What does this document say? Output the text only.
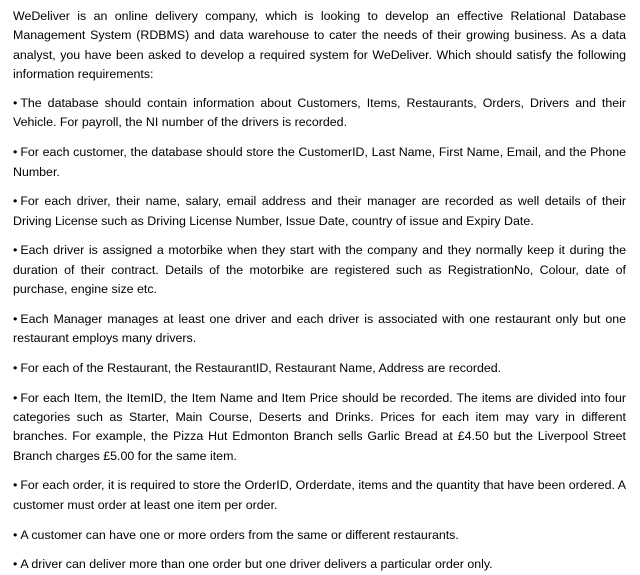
WeDeliver is an online delivery company, which is looking to develop an effective Relational Database Management System (RDBMS) and data warehouse to cater the needs of their growing business. As a data analyst, you have been asked to develop a required system for WeDeliver. Which should satisfy the following information requirements:

• The database should contain information about Customers, Items, Restaurants, Orders, Drivers and their Vehicle. For payroll, the NI number of the drivers is recorded.
• For each customer, the database should store the CustomerID, Last Name, First Name, Email, and the Phone Number.
• For each driver, their name, salary, email address and their manager are recorded as well details of their Driving License such as Driving License Number, Issue Date, country of issue and Expiry Date.
• Each driver is assigned a motorbike when they start with the company and they normally keep it during the duration of their contract. Details of the motorbike are registered such as RegistrationNo, Colour, date of purchase, engine size etc.
• Each Manager manages at least one driver and each driver is associated with one restaurant only but one restaurant employs many drivers.
• For each of the Restaurant, the RestaurantID, Restaurant Name, Address are recorded.
• For each Item, the ItemID, the Item Name and Item Price should be recorded. The items are divided into four categories such as Starter, Main Course, Deserts and Drinks. Prices for each item may vary in different branches. For example, the Pizza Hut Edmonton Branch sells Garlic Bread at £4.50 but the Liverpool Street Branch charges £5.00 for the same item.
• For each order, it is required to store the OrderID, Orderdate, items and the quantity that have been ordered. A customer must order at least one item per order.
• A customer can have one or more orders from the same or different restaurants.
• A driver can deliver more than one order but one driver delivers a particular order only.
